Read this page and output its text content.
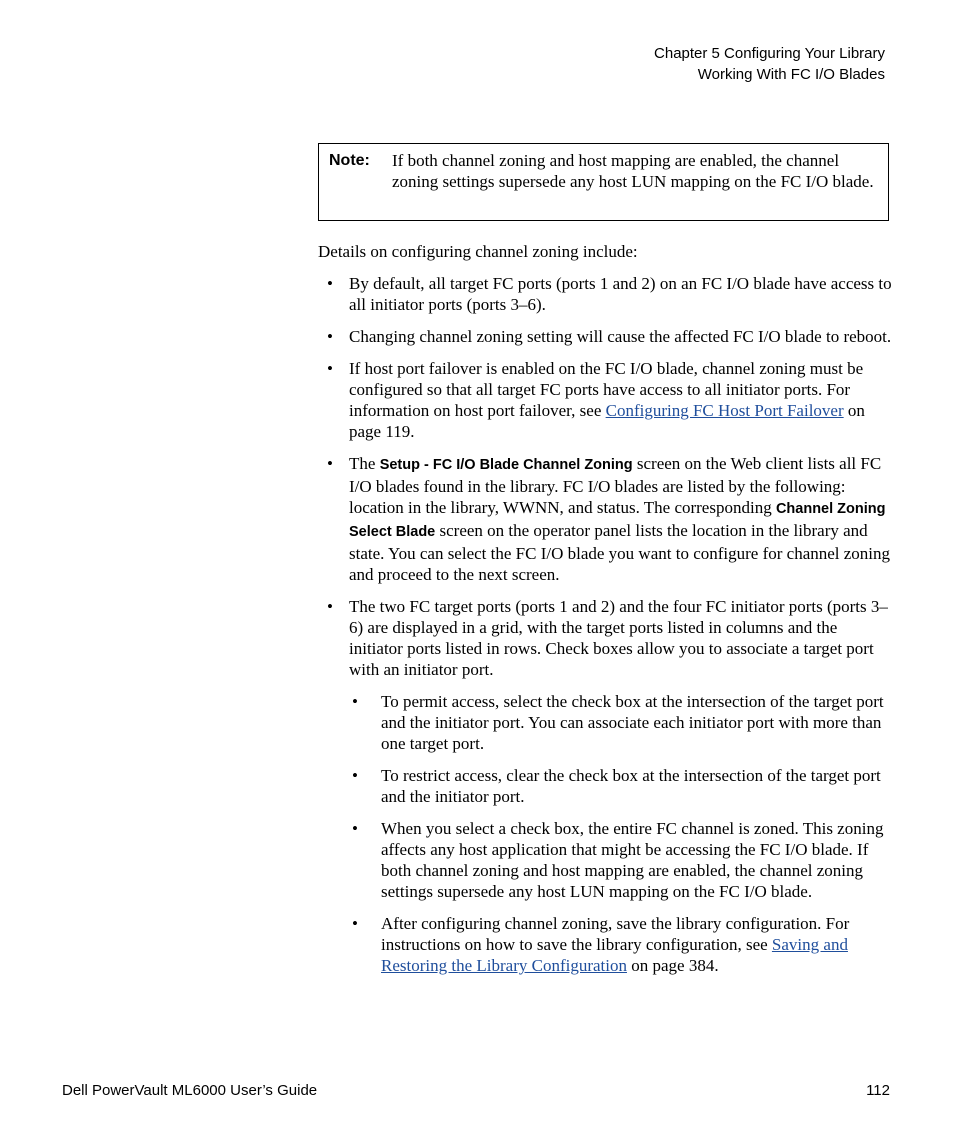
Chapter 5 Configuring Your Library
Working With FC I/O Blades
Note: If both channel zoning and host mapping are enabled, the channel zoning settings supersede any host LUN mapping on the FC I/O blade.

Details on configuring channel zoning include:

• By default, all target FC ports (ports 1 and 2) on an FC I/O blade have access to all initiator ports (ports 3–6).
• Changing channel zoning setting will cause the affected FC I/O blade to reboot.
• If host port failover is enabled on the FC I/O blade, channel zoning must be configured so that all target FC ports have access to all initiator ports. For information on host port failover, see Configuring FC Host Port Failover on page 119.
• The Setup - FC I/O Blade Channel Zoning screen on the Web client lists all FC I/O blades found in the library. FC I/O blades are listed by the following: location in the library, WWNN, and status. The corresponding Channel Zoning Select Blade screen on the operator panel lists the location in the library and state. You can select the FC I/O blade you want to configure for channel zoning and proceed to the next screen.
• The two FC target ports (ports 1 and 2) and the four FC initiator ports (ports 3–6) are displayed in a grid, with the target ports listed in columns and the initiator ports listed in rows. Check boxes allow you to associate a target port with an initiator port.
• To permit access, select the check box at the intersection of the target port and the initiator port. You can associate each initiator port with more than one target port.
• To restrict access, clear the check box at the intersection of the target port and the initiator port.
• When you select a check box, the entire FC channel is zoned. This zoning affects any host application that might be accessing the FC I/O blade. If both channel zoning and host mapping are enabled, the channel zoning settings supersede any host LUN mapping on the FC I/O blade.
• After configuring channel zoning, save the library configuration. For instructions on how to save the library configuration, see Saving and Restoring the Library Configuration on page 384.
Dell PowerVault ML6000 User’s Guide	112
